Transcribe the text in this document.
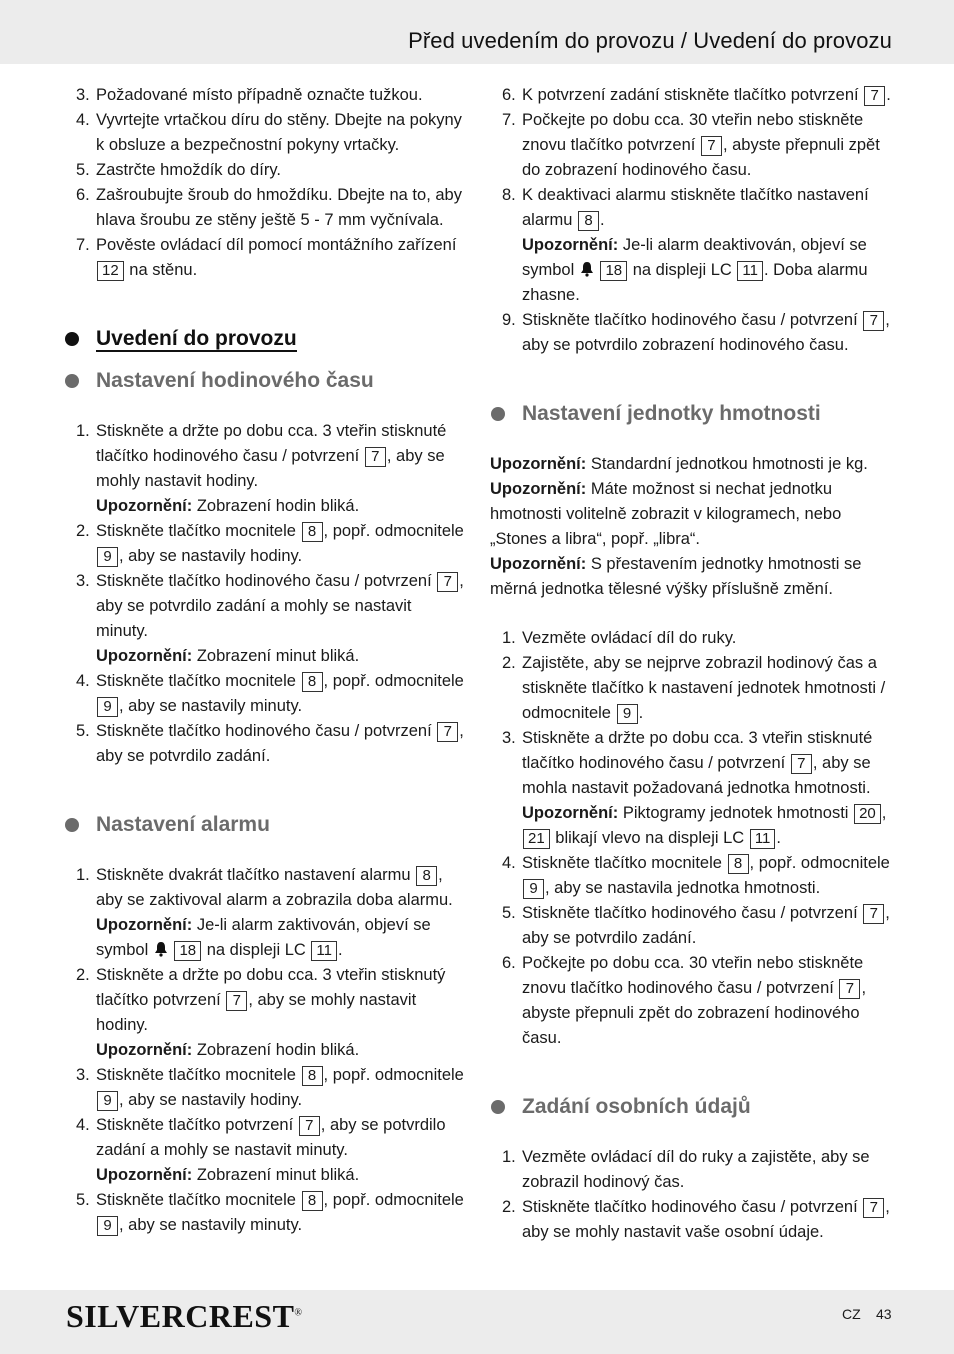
Před uvedením do provozu / Uvedení do provozu
3. Požadované místo případně označte tužkou.
4. Vyvrtejte vrtačkou díru do stěny. Dbejte na pokyny k obsluze a bezpečnostní pokyny vrtačky.
5. Zastrčte hmoždík do díry.
6. Zašroubujte šroub do hmoždíku. Dbejte na to, aby hlava šroubu ze stěny ještě 5 - 7 mm vyčnívala.
7. Pověste ovládací díl pomocí montážního zařízení 12 na stěnu.
Uvedení do provozu
Nastavení hodinového času
1. Stiskněte a držte po dobu cca. 3 vteřin stisknuté tlačítko hodinového času / potvrzení 7 , aby se mohly nastavit hodiny.
Upozornění: Zobrazení hodin bliká.
2. Stiskněte tlačítko mocnitele 8 , popř. odmocnitele 9 , aby se nastavily hodiny.
3. Stiskněte tlačítko hodinového času / potvrzení 7 , aby se potvrdilo zadání a mohly se nastavit minuty.
Upozornění: Zobrazení minut bliká.
4. Stiskněte tlačítko mocnitele 8 , popř. odmocnitele 9 , aby se nastavily minuty.
5. Stiskněte tlačítko hodinového času / potvrzení 7 , aby se potvrdilo zadání.
Nastavení alarmu
1. Stiskněte dvakrát tlačítko nastavení alarmu 8 , aby se zaktivoval alarm a zobrazila doba alarmu.
Upozornění: Je-li alarm zaktivován, objeví se symbol 18 na displeji LC 11 .
2. Stiskněte a držte po dobu cca. 3 vteřin stisknutý tlačítko potvrzení 7 , aby se mohly nastavit hodiny.
Upozornění: Zobrazení hodin bliká.
3. Stiskněte tlačítko mocnitele 8 , popř. odmocnitele 9 , aby se nastavily hodiny.
4. Stiskněte tlačítko potvrzení 7 , aby se potvrdilo zadání a mohly se nastavit minuty.
Upozornění: Zobrazení minut bliká.
5. Stiskněte tlačítko mocnitele 8 , popř. odmocnitele 9 , aby se nastavily minuty.
6. K potvrzení zadání stiskněte tlačítko potvrzení 7 .
7. Počkejte po dobu cca. 30 vteřin nebo stiskněte znovu tlačítko potvrzení 7 , abyste přepnuli zpět do zobrazení hodinového času.
8. K deaktivaci alarmu stiskněte tlačítko nastavení alarmu 8 .
Upozornění: Je-li alarm deaktivován, objeví se symbol 18 na displeji LC 11 . Doba alarmu zhasne.
9. Stiskněte tlačítko hodinového času / potvrzení 7 , aby se potvrdilo zobrazení hodinového času.
Nastavení jednotky hmotnosti

Upozornění: Standardní jednotkou hmotnosti je kg.

Upozornění: Máte možnost si nechat jednotku hmotnosti volitelně zobrazit v kilogramech, nebo „Stones a libra“, popř. „libra“.

Upozornění: S přestavením jednotky hmotnosti se měrná jednotka tělesné výšky příslušně změní.

1. Vezměte ovládací díl do ruky.
2. Zajistěte, aby se nejprve zobrazil hodinový čas a stiskněte tlačítko k nastavení jednotek hmotnosti / odmocnitele 9 .
3. Stiskněte a držte po dobu cca. 3 vteřin stisknuté tlačítko hodinového času / potvrzení 7 , aby se mohla nastavit požadovaná jednotka hmotnosti.
Upozornění: Piktogramy jednotek hmotnosti 20 , 21 blikají vlevo na displeji LC 11 .
4. Stiskněte tlačítko mocnitele 8 , popř. odmocnitele 9 , aby se nastavila jednotka hmotnosti.
5. Stiskněte tlačítko hodinového času / potvrzení 7 , aby se potvrdilo zadání.
6. Počkejte po dobu cca. 30 vteřin nebo stiskněte znovu tlačítko hodinového času / potvrzení 7 , abyste přepnuli zpět do zobrazení hodinového času.
Zadání osobních údajů
1. Vezměte ovládací díl do ruky a zajistěte, aby se zobrazil hodinový čas.
2. Stiskněte tlačítko hodinového času / potvrzení 7 , aby se mohly nastavit vaše osobní údaje.
SILVERCREST®	CZ 43
